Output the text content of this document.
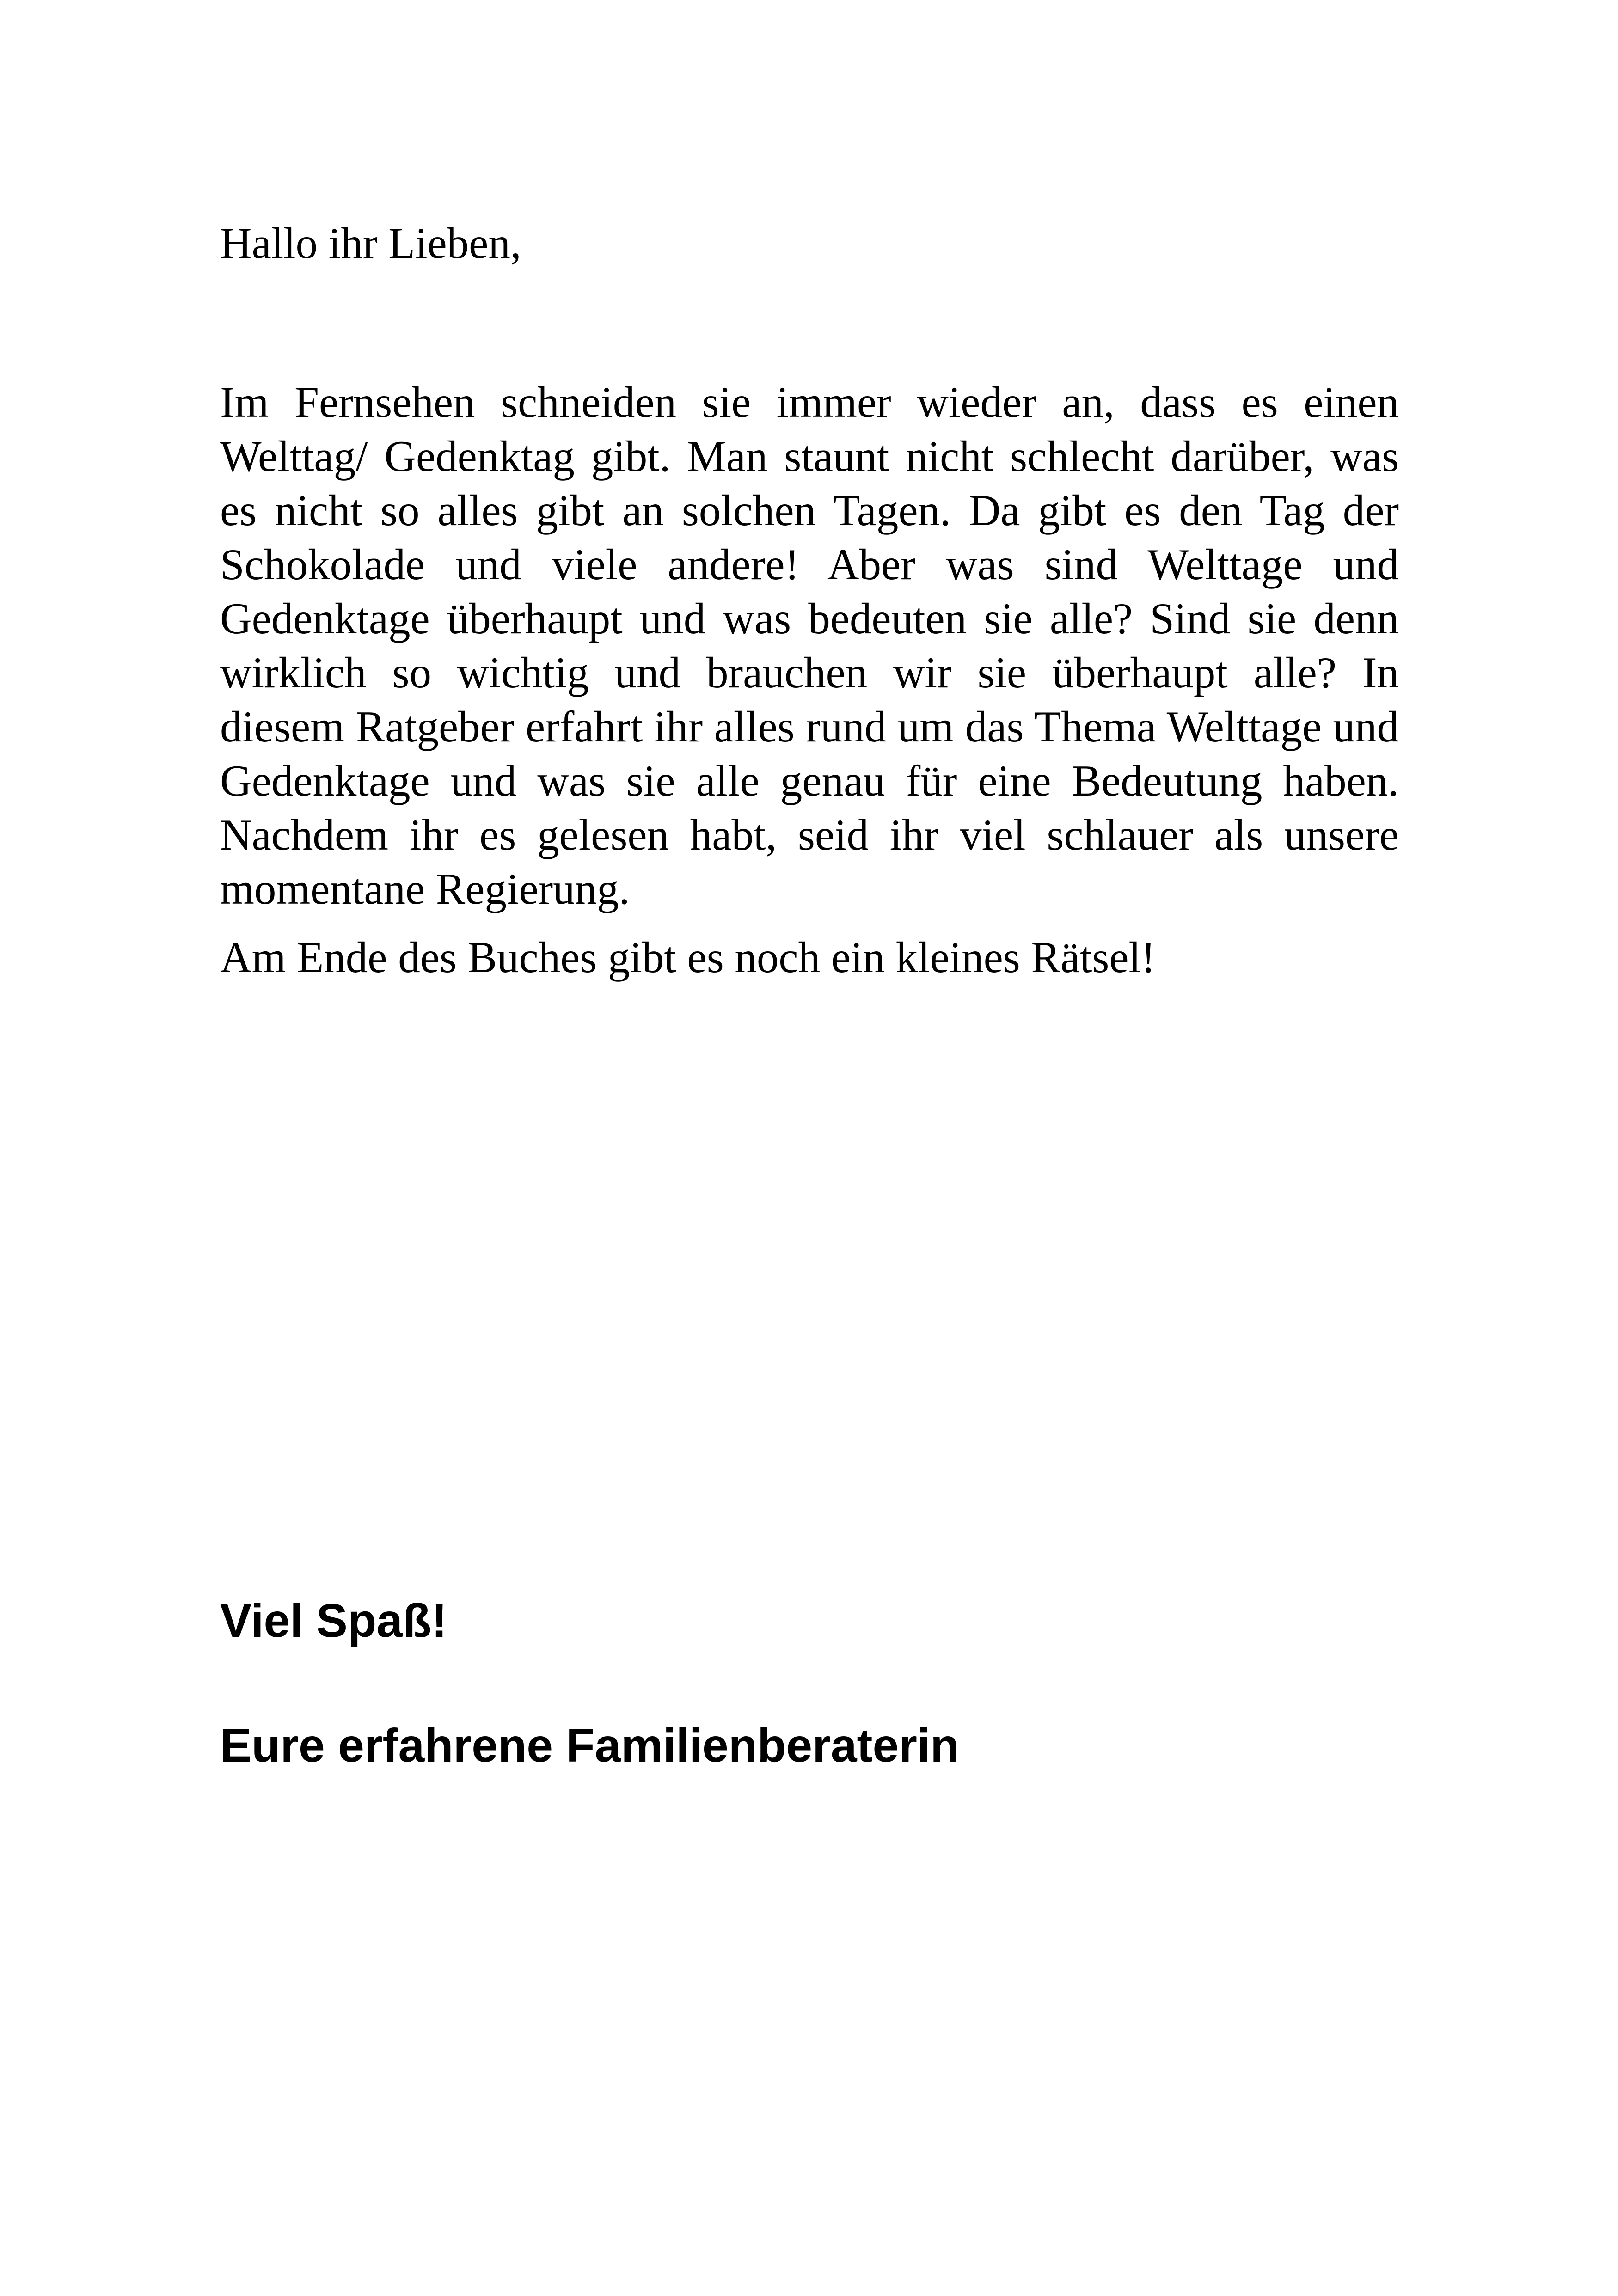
Hallo ihr Lieben,

Im Fernsehen schneiden sie immer wieder an, dass es einen Welttag/ Gedenktag gibt. Man staunt nicht schlecht darüber, was es nicht so alles gibt an solchen Tagen. Da gibt es den Tag der Schokolade und viele andere! Aber was sind Welttage und Gedenktage überhaupt und was bedeuten sie alle? Sind sie denn wirklich so wichtig und brauchen wir sie überhaupt alle? In diesem Ratgeber erfahrt ihr alles rund um das Thema Welttage und Gedenktage und was sie alle genau für eine Bedeutung haben. Nachdem ihr es gelesen habt, seid ihr viel schlauer als unsere momentane Regierung.

Am Ende des Buches gibt es noch ein kleines Rätsel!

Viel Spaß!

Eure erfahrene Familienberaterin
